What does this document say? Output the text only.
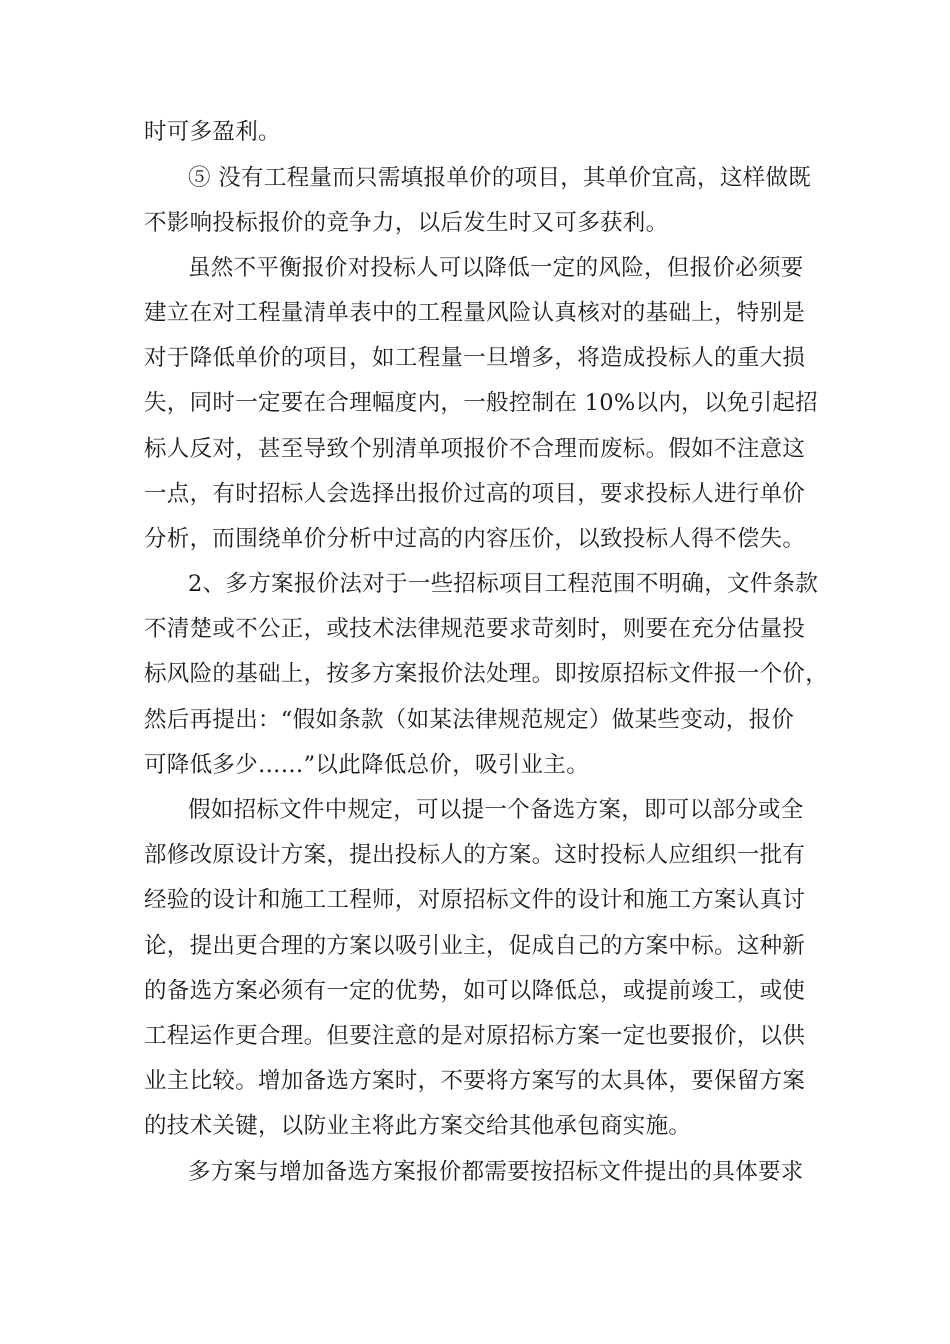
时可多盈利。

⑤ 没有工程量而只需填报单价的项目，其单价宜高，这样做既

不影响投标报价的竞争力，以后发生时又可多获利。

虽然不平衡报价对投标人可以降低一定的风险，但报价必须要

建立在对工程量清单表中的工程量风险认真核对的基础上，特别是

对于降低单价的项目，如工程量一旦增多，将造成投标人的重大损

失，同时一定要在合理幅度内，一般控制在 10%以内，以免引起招

标人反对，甚至导致个别清单项报价不合理而废标。假如不注意这

一点，有时招标人会选择出报价过高的项目，要求投标人进行单价

分析，而围绕单价分析中过高的内容压价，以致投标人得不偿失。

2、多方案报价法对于一些招标项目工程范围不明确，文件条款

不清楚或不公正，或技术法律规范要求苛刻时，则要在充分估量投

标风险的基础上，按多方案报价法处理。即按原招标文件报一个价，

然后再提出：“假如条款（如某法律规范规定）做某些变动，报价

可降低多少……”以此降低总价，吸引业主。

假如招标文件中规定，可以提一个备选方案，即可以部分或全

部修改原设计方案，提出投标人的方案。这时投标人应组织一批有

经验的设计和施工工程师，对原招标文件的设计和施工方案认真讨

论，提出更合理的方案以吸引业主，促成自己的方案中标。这种新

的备选方案必须有一定的优势，如可以降低总，或提前竣工，或使

工程运作更合理。但要注意的是对原招标方案一定也要报价，以供

业主比较。增加备选方案时，不要将方案写的太具体，要保留方案

的技术关键，以防业主将此方案交给其他承包商实施。

多方案与增加备选方案报价都需要按招标文件提出的具体要求
